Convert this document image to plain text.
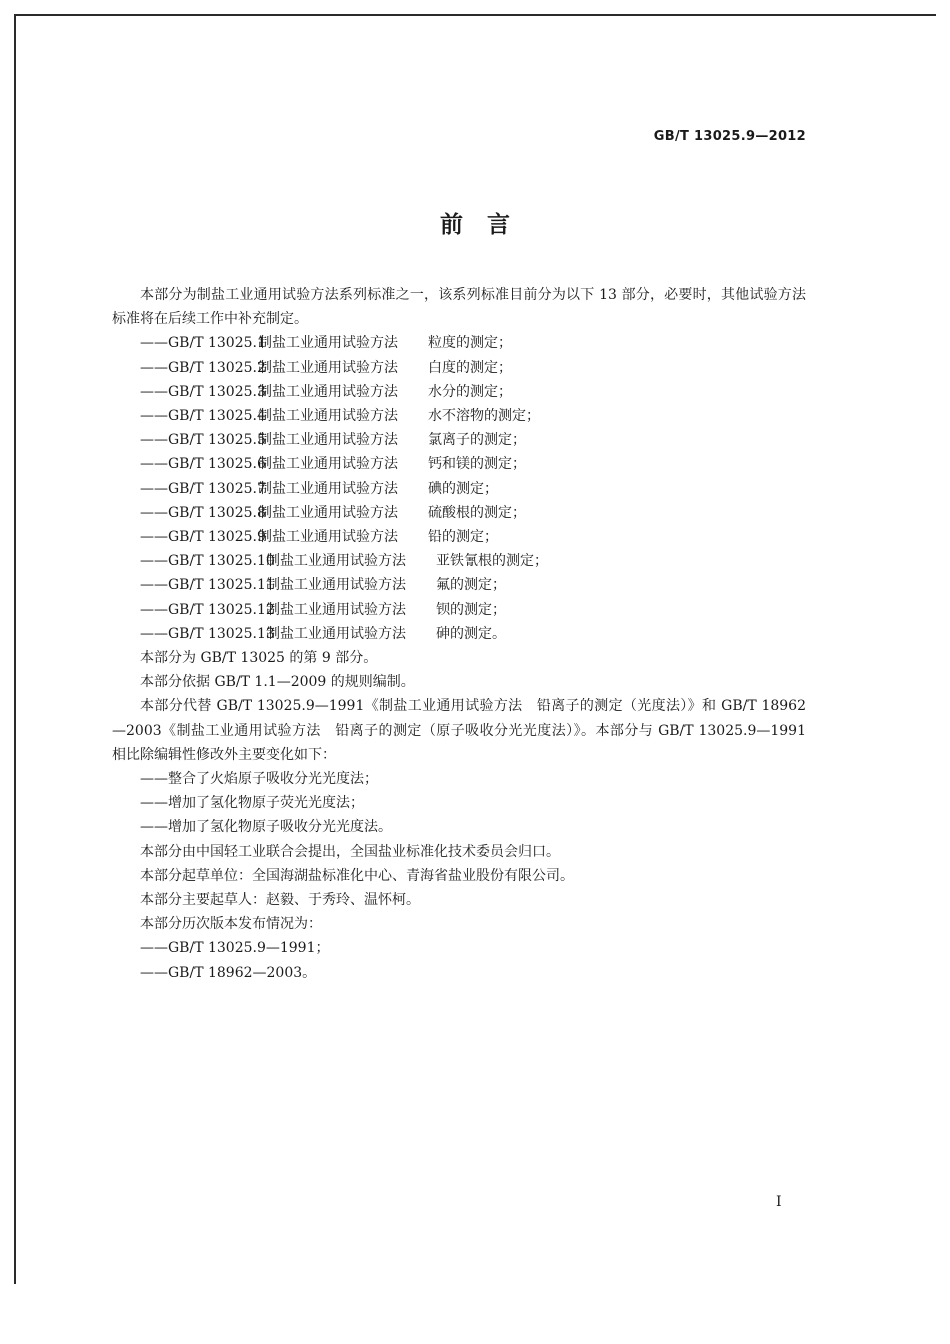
GB/T 13025.9—2012
前   言

本部分为制盐工业通用试验方法系列标准之一，该系列标准目前分为以下 13 部分，必要时，其他试验方法标准将在后续工作中补充制定。

——GB/T 13025.1制盐工业通用试验方法 粒度的测定；
——GB/T 13025.2制盐工业通用试验方法 白度的测定；
——GB/T 13025.3制盐工业通用试验方法 水分的测定；
——GB/T 13025.4制盐工业通用试验方法 水不溶物的测定；
——GB/T 13025.5制盐工业通用试验方法 氯离子的测定；
——GB/T 13025.6制盐工业通用试验方法 钙和镁的测定；
——GB/T 13025.7制盐工业通用试验方法 碘的测定；
——GB/T 13025.8制盐工业通用试验方法 硫酸根的测定；
——GB/T 13025.9制盐工业通用试验方法 铅的测定；
——GB/T 13025.10制盐工业通用试验方法 亚铁氰根的测定；
——GB/T 13025.11制盐工业通用试验方法 氟的测定；
——GB/T 13025.12制盐工业通用试验方法 钡的测定；
——GB/T 13025.13制盐工业通用试验方法 砷的测定。

本部分为 GB/T 13025 的第 9 部分。

本部分依据 GB/T 1.1—2009 的规则编制。

本部分代替 GB/T 13025.9—1991《制盐工业通用试验方法　铅离子的测定（光度法）》和 GB/T 18962—2003《制盐工业通用试验方法　铅离子的测定（原子吸收分光光度法）》。本部分与 GB/T 13025.9—1991 相比除编辑性修改外主要变化如下：

——整合了火焰原子吸收分光光度法；
——增加了氢化物原子荧光光度法；
——增加了氢化物原子吸收分光光度法。

本部分由中国轻工业联合会提出，全国盐业标准化技术委员会归口。

本部分起草单位：全国海湖盐标准化中心、青海省盐业股份有限公司。

本部分主要起草人：赵毅、于秀玲、温怀柯。

本部分历次版本发布情况为：

——GB/T 13025.9—1991；
——GB/T 18962—2003。
I
